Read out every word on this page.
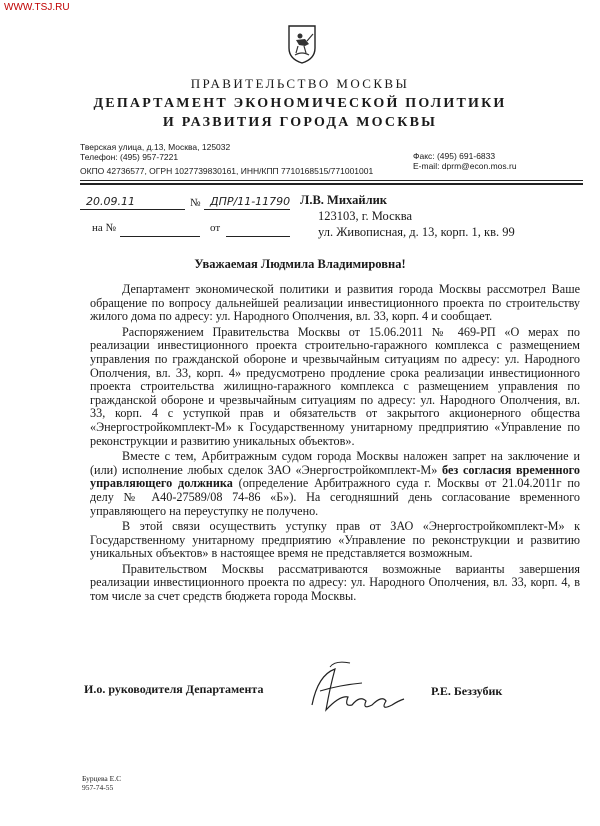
WWW.TSJ.RU
ПРАВИТЕЛЬСТВО МОСКВЫ
ДЕПАРТАМЕНТ ЭКОНОМИЧЕСКОЙ ПОЛИТИКИ
И РАЗВИТИЯ ГОРОДА МОСКВЫ
Тверская улица, д.13, Москва, 125032
Телефон: (495) 957-7221
ОКПО 42736577, ОГРН 1027739830161, ИНН/КПП 7710168515/771001001
Факс: (495) 691-6833
E-mail: dprm@econ.mos.ru
20.09.11	№ ДПР/11-11790
на №	от
Л.В. Михайлик
123103, г. Москва
ул. Живописная, д. 13, корп. 1, кв. 99
Уважаемая Людмила Владимировна!

Департамент экономической политики и развития города Москвы рассмотрел Ваше обращение по вопросу дальнейшей реализации инвестиционного проекта по строительству жилого дома по адресу: ул. Народного Ополчения, вл. 33, корп. 4 и сообщает.

Распоряжением Правительства Москвы от 15.06.2011 № 469-РП «О мерах по реализации инвестиционного проекта строительно-гаражного комплекса с размещением управления по гражданской обороне и чрезвычайным ситуациям по адресу: ул. Народного Ополчения, вл. 33, корп. 4» предусмотрено продление срока реализации инвестиционного проекта строительства жилищно-гаражного комплекса с размещением управления по гражданской обороне и чрезвычайным ситуациям по адресу: ул. Народного Ополчения, вл. 33, корп. 4 с уступкой прав и обязательств от закрытого акционерного общества «Энергостройкомплект-М» к Государственному унитарному предприятию «Управление по реконструкции и развитию уникальных объектов».

Вместе с тем, Арбитражным судом города Москвы наложен запрет на заключение и (или) исполнение любых сделок ЗАО «Энергостройкомплект-М» без согласия временного управляющего должника (определение Арбитражного суда г. Москвы от 21.04.2011г по делу № А40-27589/08 74-86 «Б»). На сегодняшний день согласование временного управляющего на переуступку не получено.

В этой связи осуществить уступку прав от ЗАО «Энергостройкомплект-М» к Государственному унитарному предприятию «Управление по реконструкции и развитию уникальных объектов» в настоящее время не представляется возможным.

Правительством Москвы рассматриваются возможные варианты завершения реализации инвестиционного проекта по адресу: ул. Народного Ополчения, вл. 33, корп. 4, в том числе за счет средств бюджета города Москвы.

И.о. руководителя Департамента	Р.Е. Беззубик
Бурцева Е.С
957-74-55
